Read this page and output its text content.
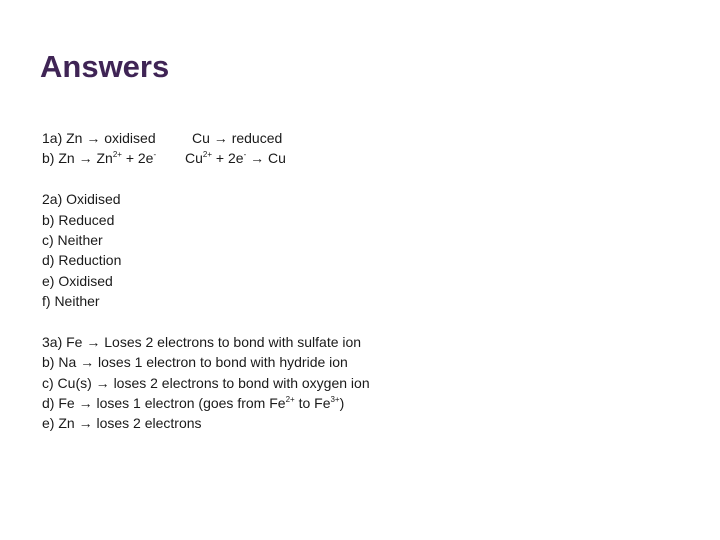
Answers
1a) Zn → oxidised	Cu → reduced
b) $Zn \to Zn^{2+} + 2e^-$ $Cu^{2+} + 2e^- \to Cu$
2a) Oxidised
b) Reduced
c) Neither
d) Reduction
e) Oxidised
f) Neither
3a) Fe → Loses 2 electrons to bond with sulfate ion
b) Na → loses 1 electron to bond with hydride ion
c) Cu(s) → loses 2 electrons to bond with oxygen ion
d) Fe → loses 1 electron (goes from $Fe^{2+}$ to $Fe^{3+}$)
e) Zn → loses 2 electrons
